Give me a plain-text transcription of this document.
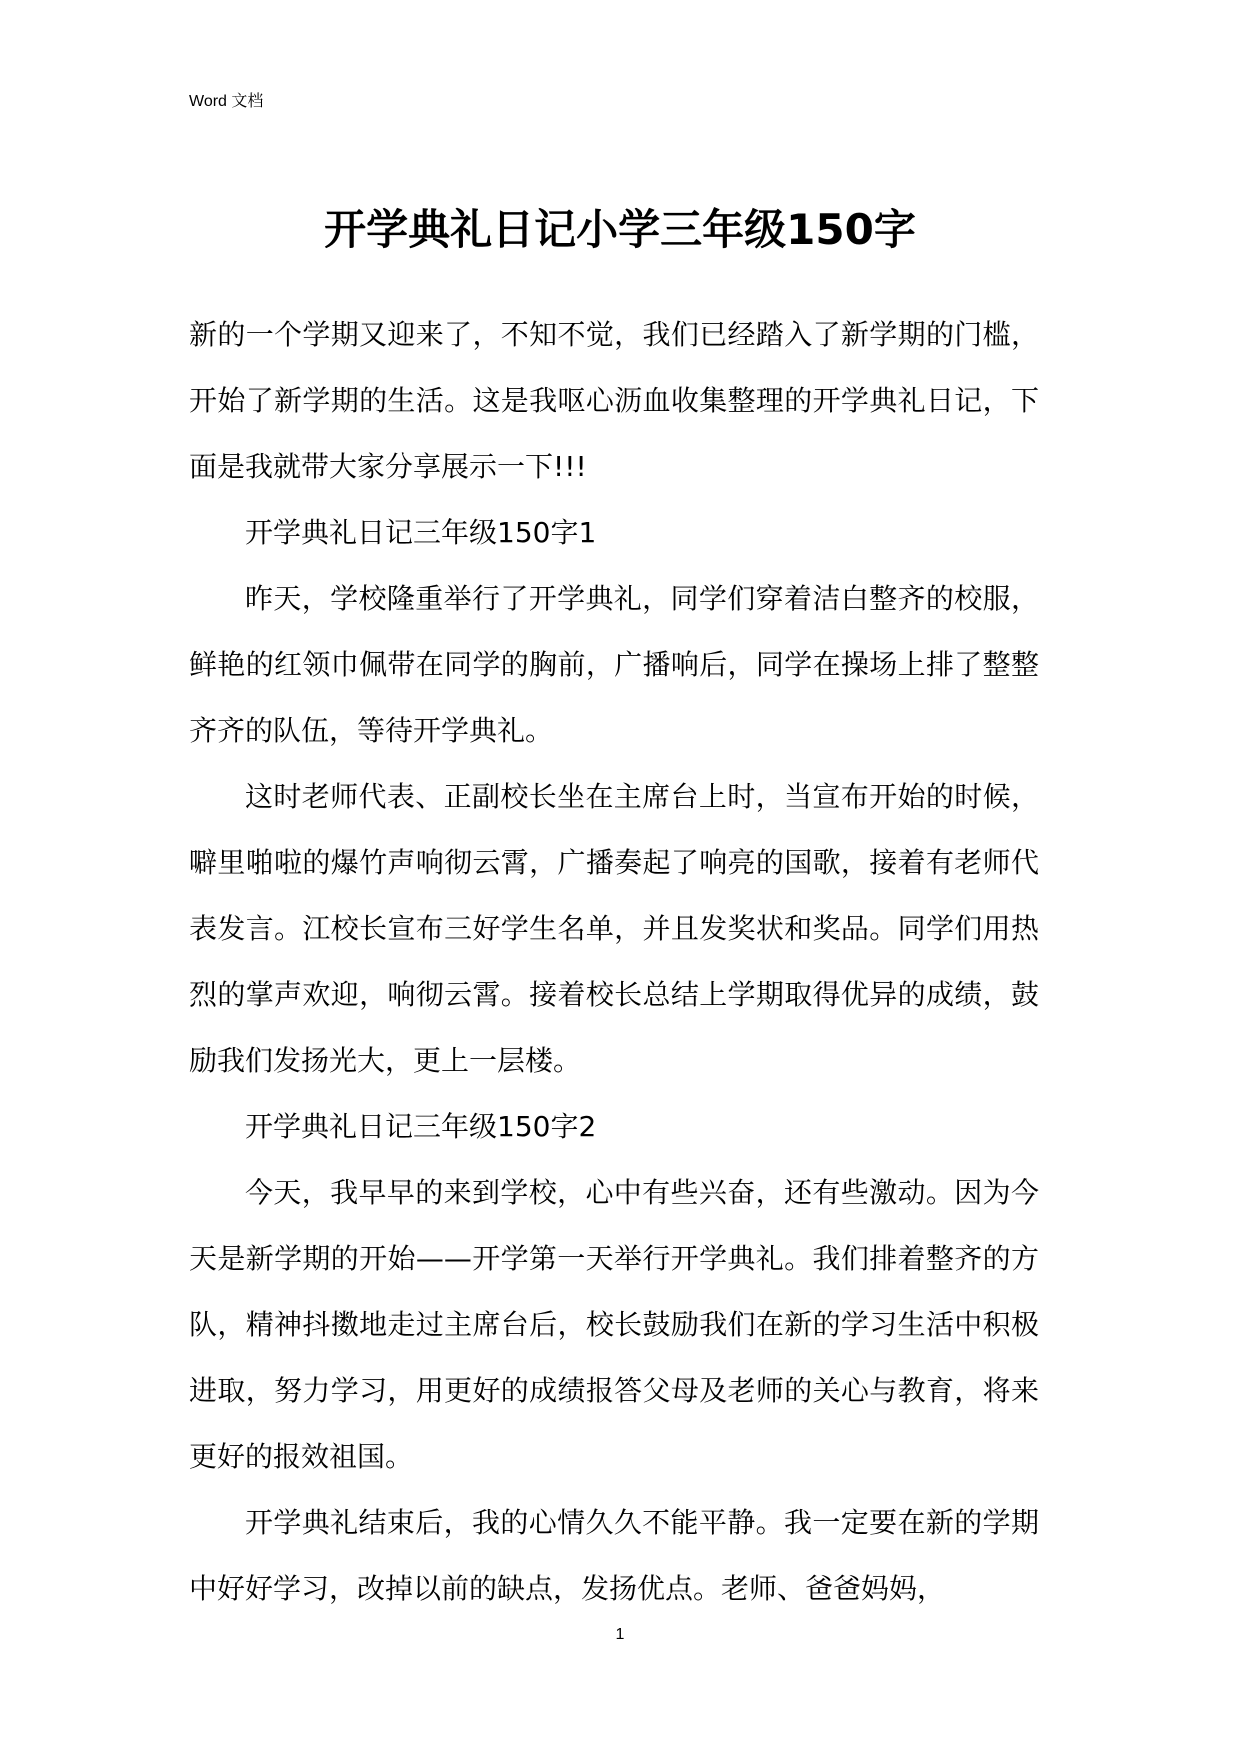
Word 文档
开学典礼日记小学三年级150字

新的一个学期又迎来了，不知不觉，我们已经踏入了新学期的门槛，开始了新学期的生活。这是我呕心沥血收集整理的开学典礼日记，下面是我就带大家分享展示一下!!!

开学典礼日记三年级150字1

昨天，学校隆重举行了开学典礼，同学们穿着洁白整齐的校服，鲜艳的红领巾佩带在同学的胸前，广播响后，同学在操场上排了整整齐齐的队伍，等待开学典礼。

这时老师代表、正副校长坐在主席台上时，当宣布开始的时候，噼里啪啦的爆竹声响彻云霄，广播奏起了响亮的国歌，接着有老师代表发言。江校长宣布三好学生名单，并且发奖状和奖品。同学们用热烈的掌声欢迎，响彻云霄。接着校长总结上学期取得优异的成绩，鼓励我们发扬光大，更上一层楼。

开学典礼日记三年级150字2

今天，我早早的来到学校，心中有些兴奋，还有些激动。因为今天是新学期的开始——开学第一天举行开学典礼。我们排着整齐的方队，精神抖擞地走过主席台后，校长鼓励我们在新的学习生活中积极进取，努力学习，用更好的成绩报答父母及老师的关心与教育，将来更好的报效祖国。

开学典礼结束后，我的心情久久不能平静。我一定要在新的学期中好好学习，改掉以前的缺点，发扬优点。老师、爸爸妈妈，

1
